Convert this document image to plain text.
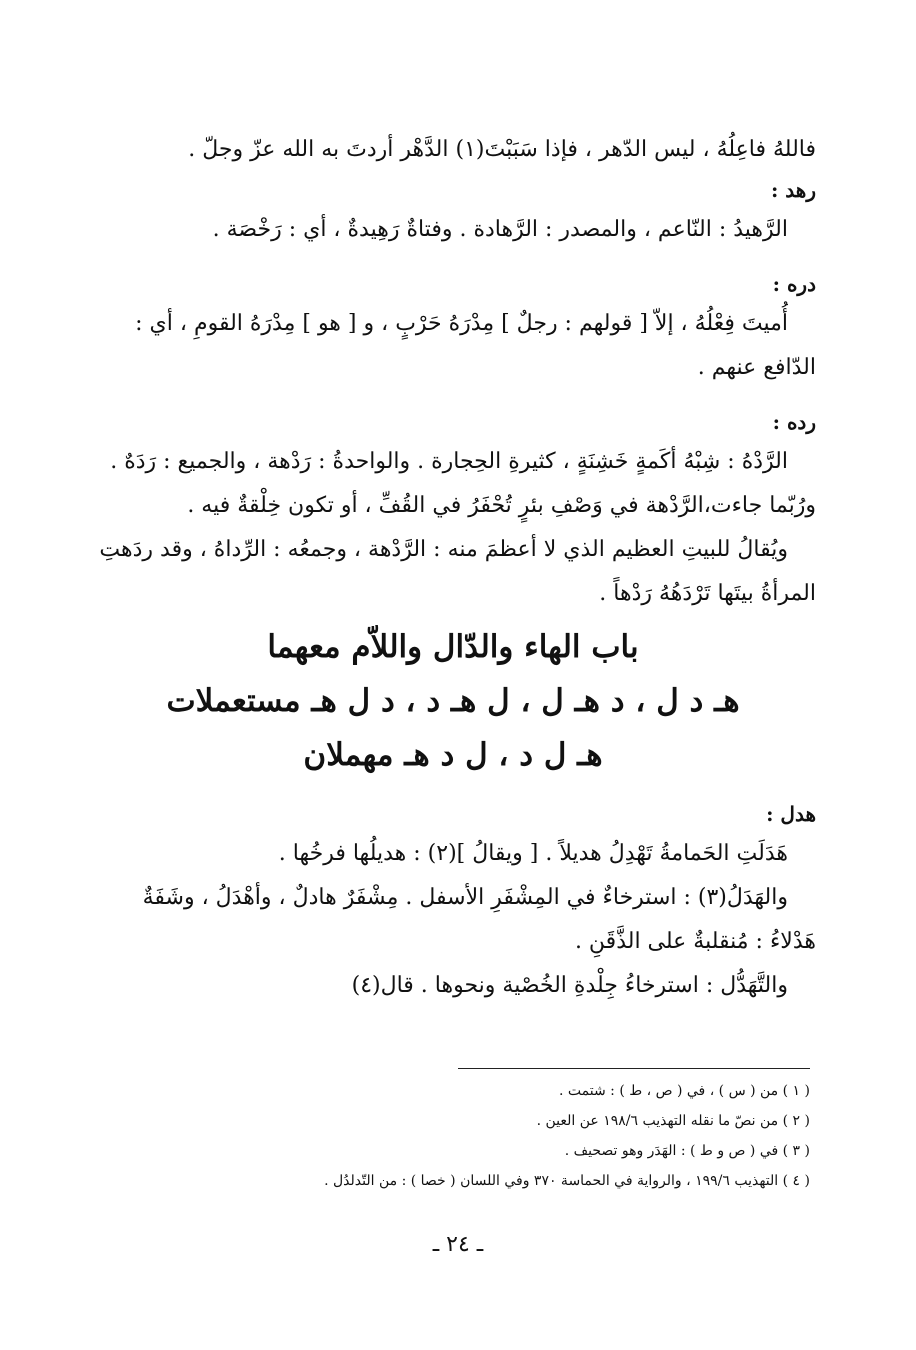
فاللهُ فاعِلُهُ ، ليس الدّهر ، فإذا سَبَبْتَ(١) الدَّهْر أردتَ به الله عزّ وجلّ .
رهد :
الرَّهيدُ : النّاعم ، والمصدر : الرَّهادة . وفتاةٌ رَهِيدةٌ ، أي : رَخْصَة .
دره :
أُميتَ فِعْلُهُ ، إلاّ [ قولهم : رجلٌ ] مِدْرَهُ حَرْبٍ ، و [ هو ] مِدْرَهُ القومِ ، أي :
الدّافع عنهم .
رده :
الرَّدْهُ : شِبْهُ أكَمةٍ خَشِنَةٍ ، كثيرةِ الحِجارة . والواحدةُ : رَدْهة ، والجميع : رَدَهٌ .
ورُبّما جاءت،الرَّدْهة في وَصْفِ بئرٍ تُحْفَرُ في القُفِّ ، أو تكون خِلْقةٌ فيه .
ويُقالُ للبيتِ العظيم الذي لا أعظمَ منه : الرَّدْهة ، وجمعُه : الرِّداهُ ، وقد ردَهتِ
المرأةُ بيتَها تَرْدَهُهُ رَدْهاً .
باب الهاء والدّال واللاّم معهما
هـ د ل ، د هـ ل ، ل هـ د ، د ل هـ مستعملات
هـ ل د ، ل د هـ مهملان
هدل :
هَدَلَتِ الحَمامةُ تَهْدِلُ هديلاً . [ ويقالُ ](٢) : هديلُها فرخُها .
والهَدَلُ(٣) : استرخاءٌ في المِشْفَرِ الأسفل . مِشْفَرٌ هادلٌ ، وأهْدَلُ ، وشَفَةٌ
هَدْلاءُ : مُنقلبةٌ على الذَّقَنِ .
والتَّهَدُّل : استرخاءُ جِلْدةِ الخُصْية ونحوها . قال(٤)
( ١ ) من ( س ) ، في ( ص ، ط ) : شتمت .
( ٢ ) من نصّ ما نقله التهذيب ١٩٨/٦ عن العين .
( ٣ ) في ( ص و ط ) : الهَدَر وهو تصحيف .
( ٤ ) التهذيب ١٩٩/٦ ، والرواية في الحماسة ٣٧٠ وفي اللسان ( خصا ) : من التّدلدُل .
ـ ٢٤ ـ
